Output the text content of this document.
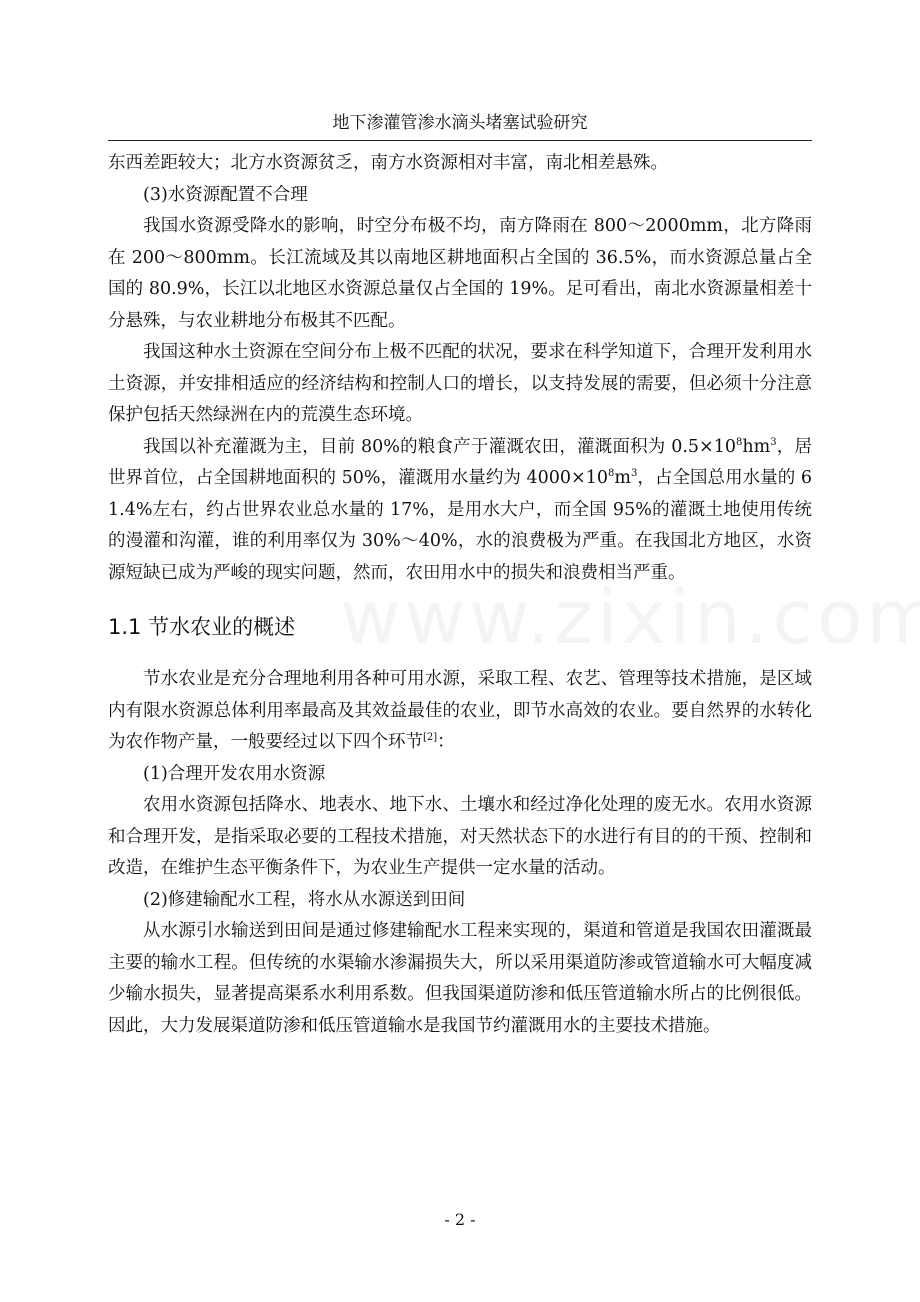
地下渗灌管渗水滴头堵塞试验研究

东西差距较大；北方水资源贫乏，南方水资源相对丰富，南北相差悬殊。

(3)水资源配置不合理

我国水资源受降水的影响，时空分布极不均，南方降雨在 800～2000mm，北方降雨在 200～800mm。长江流域及其以南地区耕地面积占全国的 36.5%，而水资源总量占全国的 80.9%，长江以北地区水资源总量仅占全国的 19%。足可看出，南北水资源量相差十分悬殊，与农业耕地分布极其不匹配。

我国这种水土资源在空间分布上极不匹配的状况，要求在科学知道下，合理开发利用水土资源，并安排相适应的经济结构和控制人口的增长，以支持发展的需要，但必须十分注意保护包括天然绿洲在内的荒漠生态环境。

我国以补充灌溉为主，目前 80%的粮食产于灌溉农田，灌溉面积为 $0.5\times 10^8hm^3$，居世界首位，占全国耕地面积的 50%，灌溉用水量约为 $4000\times 10^8m^3$，占全国总用水量的 61.4%左右，约占世界农业总水量的 17%，是用水大户，而全国 95%的灌溉土地使用传统的漫灌和沟灌，谁的利用率仅为 30%～40%，水的浪费极为严重。在我国北方地区，水资源短缺已成为严峻的现实问题，然而，农田用水中的损失和浪费相当严重。

1.1 节水农业的概述

节水农业是充分合理地利用各种可用水源，采取工程、农艺、管理等技术措施，是区域内有限水资源总体利用率最高及其效益最佳的农业，即节水高效的农业。要自然界的水转化为农作物产量，一般要经过以下四个环节[2]：

(1)合理开发农用水资源

农用水资源包括降水、地表水、地下水、土壤水和经过净化处理的废无水。农用水资源和合理开发，是指采取必要的工程技术措施，对天然状态下的水进行有目的的干预、控制和改造，在维护生态平衡条件下，为农业生产提供一定水量的活动。

(2)修建输配水工程，将水从水源送到田间

从水源引水输送到田间是通过修建输配水工程来实现的，渠道和管道是我国农田灌溉最主要的输水工程。但传统的水渠输水渗漏损失大，所以采用渠道防渗或管道输水可大幅度减少输水损失，显著提高渠系水利用系数。但我国渠道防渗和低压管道输水所占的比例很低。因此，大力发展渠道防渗和低压管道输水是我国节约灌溉用水的主要技术措施。

- 2 -
